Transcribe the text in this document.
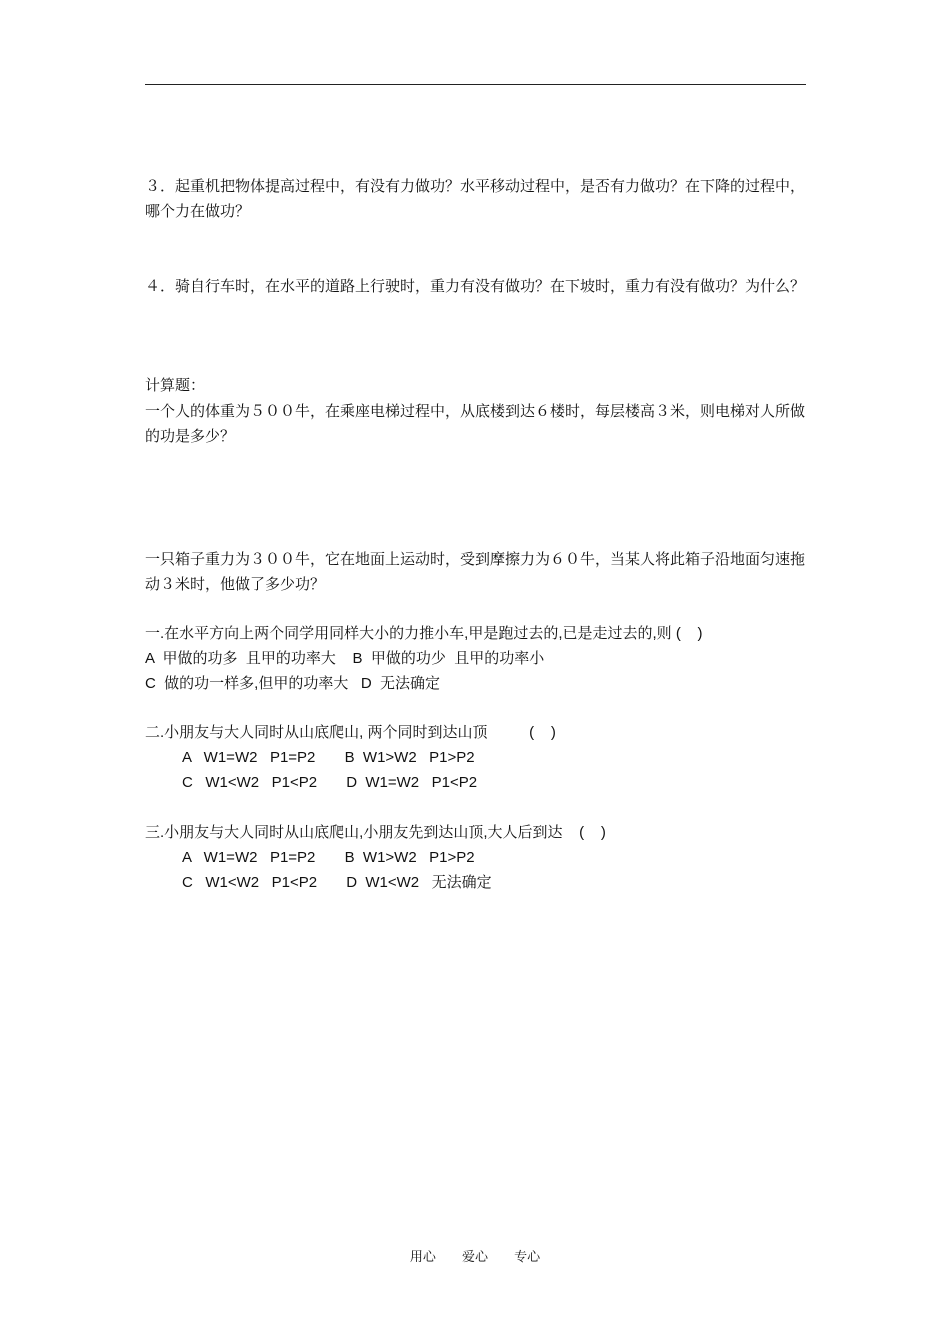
３．起重机把物体提高过程中，有没有力做功？水平移动过程中，是否有力做功？在下降的过程中，哪个力在做功？

４．骑自行车时，在水平的道路上行驶时，重力有没有做功？在下坡时，重力有没有做功？为什么？

计算题：

一个人的体重为５００牛，在乘座电梯过程中，从底楼到达６楼时，每层楼高３米，则电梯对人所做的功是多少？

一只箱子重力为３００牛，它在地面上运动时，受到摩擦力为６０牛，当某人将此箱子沿地面匀速拖动３米时，他做了多少功？

一.在水平方向上两个同学用同样大小的力推小车,甲是跑过去的,已是走过去的,则 (    )

A  甲做的功多  且甲的功率大    B  甲做的功少  且甲的功率小

C  做的功一样多,但甲的功率大   D  无法确定

二.小朋友与大人同时从山底爬山, 两个同时到达山顶          (    )

A   W1=W2   P1=P2       B  W1>W2   P1>P2

C   W1<W2   P1<P2       D  W1=W2   P1<P2

三.小朋友与大人同时从山底爬山,小朋友先到达山顶,大人后到达    (    )

A   W1=W2   P1=P2       B  W1>W2   P1>P2

C   W1<W2   P1<P2       D  W1<W2   无法确定

用心 爱心 专心
